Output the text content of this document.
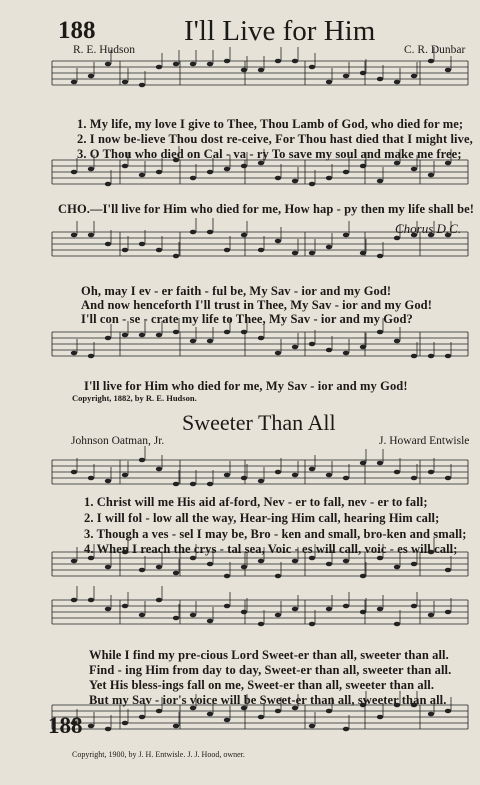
188	I'll Live for Him
R. E. Hudson	C. R. Dunbar
1. My life, my love I give to Thee, Thou Lamb of God, who died for me;
2. I now be-lieve Thou dost re-ceive, For Thou hast died that I might live,
3. O Thou who died on Cal - va - ry To save my soul and make me free;
CHO.—I'll live for Him who died for me, How hap - py then my life shall be!
Chorus D.C.
Oh, may I ev - er faith - ful be, My Sav - ior and my God!
And now henceforth I'll trust in Thee, My Sav - ior and my God!
I'll con - se - crate my life to Thee, My Sav - ior and my God?
I'll live for Him who died for me, My Sav - ior and my God!
Copyright, 1882, by R. E. Hudson.
Sweeter Than All
Johnson Oatman, Jr.	J. Howard Entwisle
1. Christ will me His aid af-ford, Nev - er to fall, nev - er to fall;
2. I will fol - low all the way, Hear-ing Him call, hearing Him call;
3. Though a ves - sel I may be, Bro - ken and small, bro-ken and small;
4. When I reach the crys - tal sea, Voic - es will call, voic - es will call;
While I find my pre-cious Lord Sweet-er than all, sweeter than all.
Find - ing Him from day to day, Sweet-er than all, sweeter than all.
Yet His bless-ings fall on me, Sweet-er than all, sweeter than all.
But my Sav - ior's voice will be Sweet-er than all, sweeter than all.
188
Copyright, 1900, by J. H. Entwisle. J. J. Hood, owner.
